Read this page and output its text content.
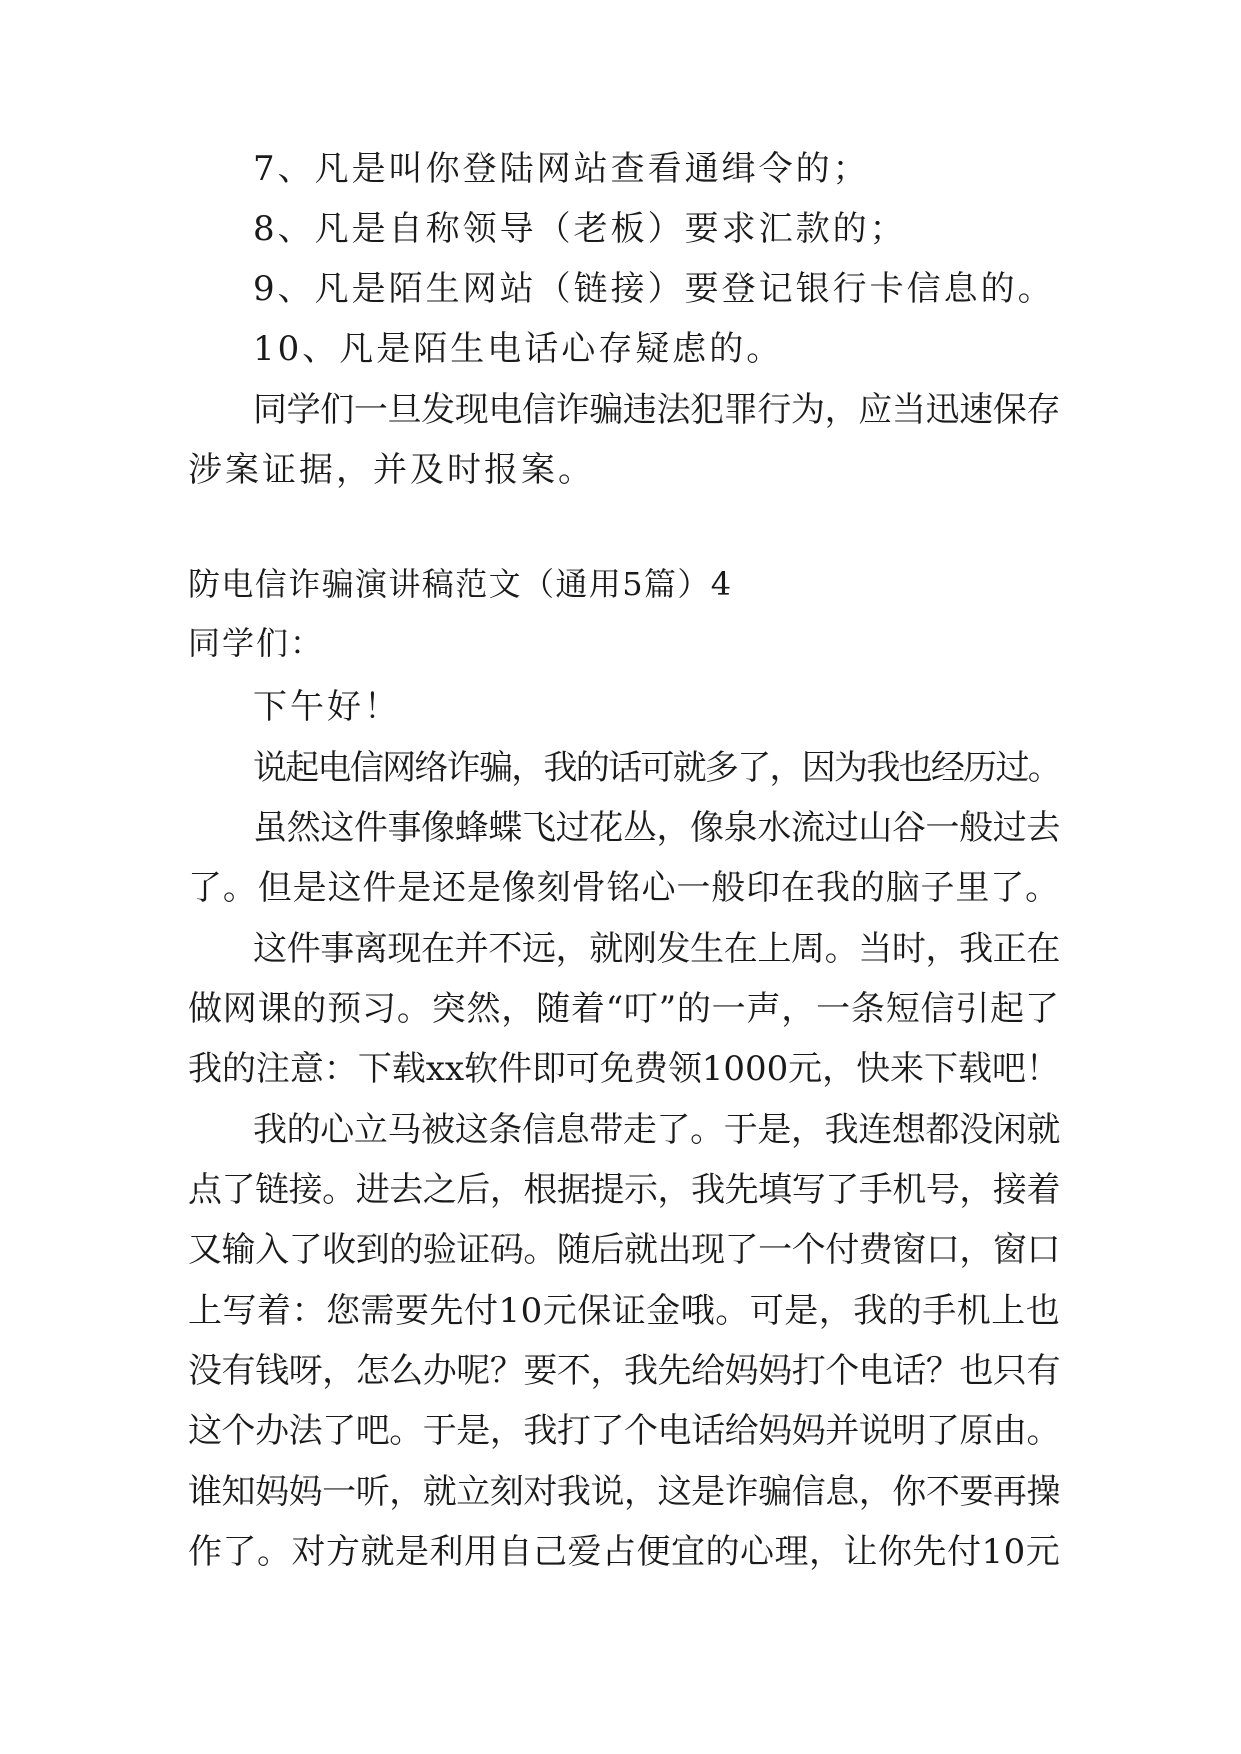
7、凡是叫你登陆网站查看通缉令的；
8、凡是自称领导（老板）要求汇款的；
9、凡是陌生网站（链接）要登记银行卡信息的。
10、凡是陌生电话心存疑虑的。
同学们一旦发现电信诈骗违法犯罪行为，应当迅速保存
涉案证据，并及时报案。
防电信诈骗演讲稿范文（通用5篇）4
同学们：
下午好！
说起电信网络诈骗，我的话可就多了，因为我也经历过。
虽然这件事像蜂蝶飞过花丛，像泉水流过山谷一般过去
了。但是这件是还是像刻骨铭心一般印在我的脑子里了。
这件事离现在并不远，就刚发生在上周。当时，我正在
做网课的预习。突然，随着“叮”的一声，一条短信引起了
我的注意：下载xx软件即可免费领1000元，快来下载吧！
我的心立马被这条信息带走了。于是，我连想都没闲就
点了链接。进去之后，根据提示，我先填写了手机号，接着
又输入了收到的验证码。随后就出现了一个付费窗口，窗口
上写着：您需要先付10元保证金哦。可是，我的手机上也
没有钱呀，怎么办呢？要不，我先给妈妈打个电话？也只有
这个办法了吧。于是，我打了个电话给妈妈并说明了原由。
谁知妈妈一听，就立刻对我说，这是诈骗信息，你不要再操
作了。对方就是利用自己爱占便宜的心理，让你先付10元
